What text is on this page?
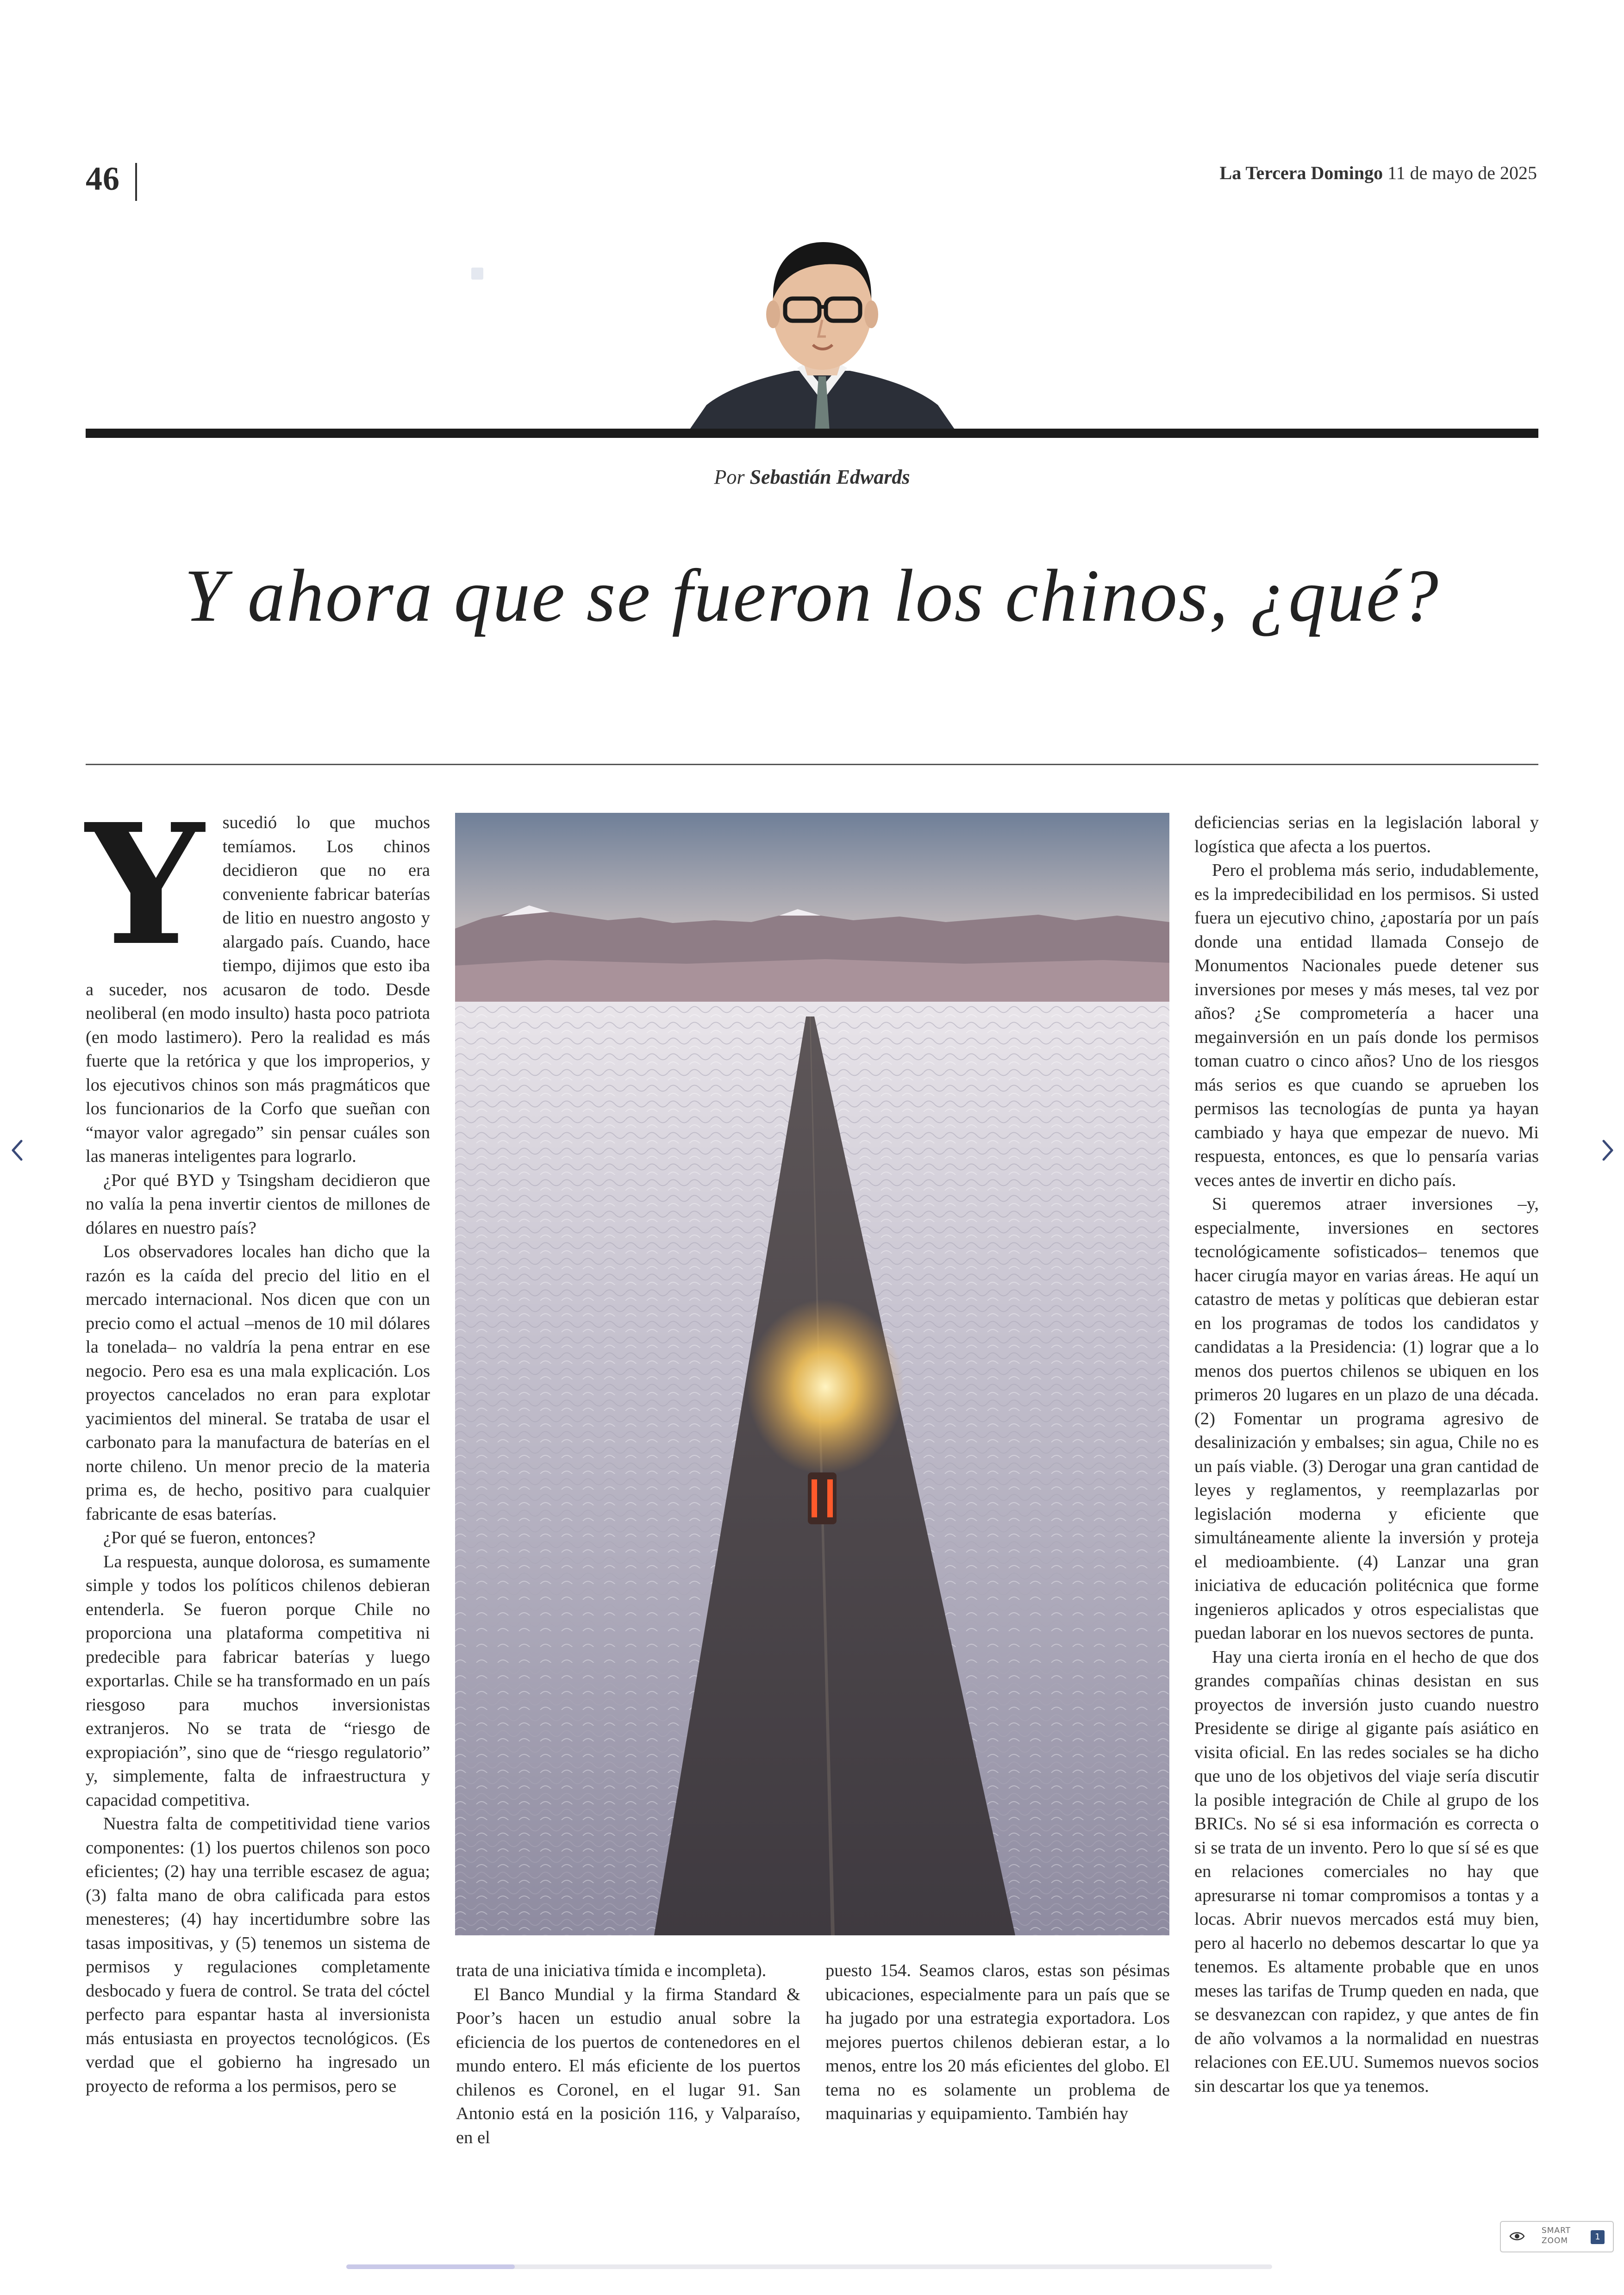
46	La Tercera Domingo 11 de mayo de 2025
Por Sebastián Edwards
Y ahora que se fueron los chinos, ¿qué?
Y	sucedió lo que muchos temíamos. Los chinos decidieron que no era conveniente fabricar baterías de litio en nuestro angosto y alargado país. Cuando, hace tiempo, dijimos que esto iba a suceder, nos acusaron de todo. Desde neoliberal (en modo insulto) hasta poco patriota (en modo lastimero). Pero la realidad es más fuerte que la retórica y que los improperios, y los ejecutivos chinos son más pragmáticos que los funcionarios de la Corfo que sueñan con “mayor valor agregado” sin pensar cuáles son las maneras inteligentes para lograrlo.

¿Por qué BYD y Tsingsham decidieron que no valía la pena invertir cientos de millones de dólares en nuestro país?

Los observadores locales han dicho que la razón es la caída del precio del litio en el mercado internacional. Nos dicen que con un precio como el actual –menos de 10 mil dólares la tonelada– no valdría la pena entrar en ese negocio. Pero esa es una mala explicación. Los proyectos cancelados no eran para explotar yacimientos del mineral. Se trataba de usar el carbonato para la manufactura de baterías en el norte chileno. Un menor precio de la materia prima es, de hecho, positivo para cualquier fabricante de esas baterías.

¿Por qué se fueron, entonces?

La respuesta, aunque dolorosa, es sumamente simple y todos los políticos chilenos debieran entenderla. Se fueron porque Chile no proporciona una plataforma competitiva ni predecible para fabricar baterías y luego exportarlas. Chile se ha transformado en un país riesgoso para muchos inversionistas extranjeros. No se trata de “riesgo de expropiación”, sino que de “riesgo regulatorio” y, simplemente, falta de infraestructura y capacidad competitiva.

Nuestra falta de competitividad tiene varios componentes: (1) los puertos chilenos son poco eficientes; (2) hay una terrible escasez de agua; (3) falta mano de obra calificada para estos menesteres; (4) hay incertidumbre sobre las tasas impositivas, y (5) tenemos un sistema de permisos y regulaciones completamente desbocado y fuera de control. Se trata del cóctel perfecto para espantar hasta al inversionista más entusiasta en proyectos tecnológicos. (Es verdad que el gobierno ha ingresado un proyecto de reforma a los permisos, pero se

trata de una iniciativa tímida e incompleta).

El Banco Mundial y la firma Standard & Poor’s hacen un estudio anual sobre la eficiencia de los puertos de contenedores en el mundo entero. El más eficiente de los puertos chilenos es Coronel, en el lugar 91. San Antonio está en la posición 116, y Valparaíso, en el

puesto 154. Seamos claros, estas son pésimas ubicaciones, especialmente para un país que se ha jugado por una estrategia exportadora. Los mejores puertos chilenos debieran estar, a lo menos, entre los 20 más eficientes del globo. El tema no es solamente un problema de maquinarias y equipamiento. También hay

deficiencias serias en la legislación laboral y logística que afecta a los puertos.

Pero el problema más serio, indudablemente, es la impredecibilidad en los permisos. Si usted fuera un ejecutivo chino, ¿apostaría por un país donde una entidad llamada Consejo de Monumentos Nacionales puede detener sus inversiones por meses y más meses, tal vez por años? ¿Se comprometería a hacer una megainversión en un país donde los permisos toman cuatro o cinco años? Uno de los riesgos más serios es que cuando se aprueben los permisos las tecnologías de punta ya hayan cambiado y haya que empezar de nuevo. Mi respuesta, entonces, es que lo pensaría varias veces antes de invertir en dicho país.

Si queremos atraer inversiones –y, especialmente, inversiones en sectores tecnológicamente sofisticados– tenemos que hacer cirugía mayor en varias áreas. He aquí un catastro de metas y políticas que debieran estar en los programas de todos los candidatos y candidatas a la Presidencia: (1) lograr que a lo menos dos puertos chilenos se ubiquen en los primeros 20 lugares en un plazo de una década. (2) Fomentar un programa agresivo de desalinización y embalses; sin agua, Chile no es un país viable. (3) Derogar una gran cantidad de leyes y reglamentos, y reemplazarlas por legislación moderna y eficiente que simultáneamente aliente la inversión y proteja el medioambiente. (4) Lanzar una gran iniciativa de educación politécnica que forme ingenieros aplicados y otros especialistas que puedan laborar en los nuevos sectores de punta.

Hay una cierta ironía en el hecho de que dos grandes compañías chinas desistan en sus proyectos de inversión justo cuando nuestro Presidente se dirige al gigante país asiático en visita oficial. En las redes sociales se ha dicho que uno de los objetivos del viaje sería discutir la posible integración de Chile al grupo de los BRICs. No sé si esa información es correcta o si se trata de un invento. Pero lo que sí sé es que en relaciones comerciales no hay que apresurarse ni tomar compromisos a tontas y a locas. Abrir nuevos mercados está muy bien, pero al hacerlo no debemos descartar lo que ya tenemos. Es altamente probable que en unos meses las tarifas de Trump queden en nada, que se desvanezcan con rapidez, y que antes de fin de año volvamos a la normalidad en nuestras relaciones con EE.UU. Sumemos nuevos socios sin descartar los que ya tenemos.

SMART
ZOOM	1
